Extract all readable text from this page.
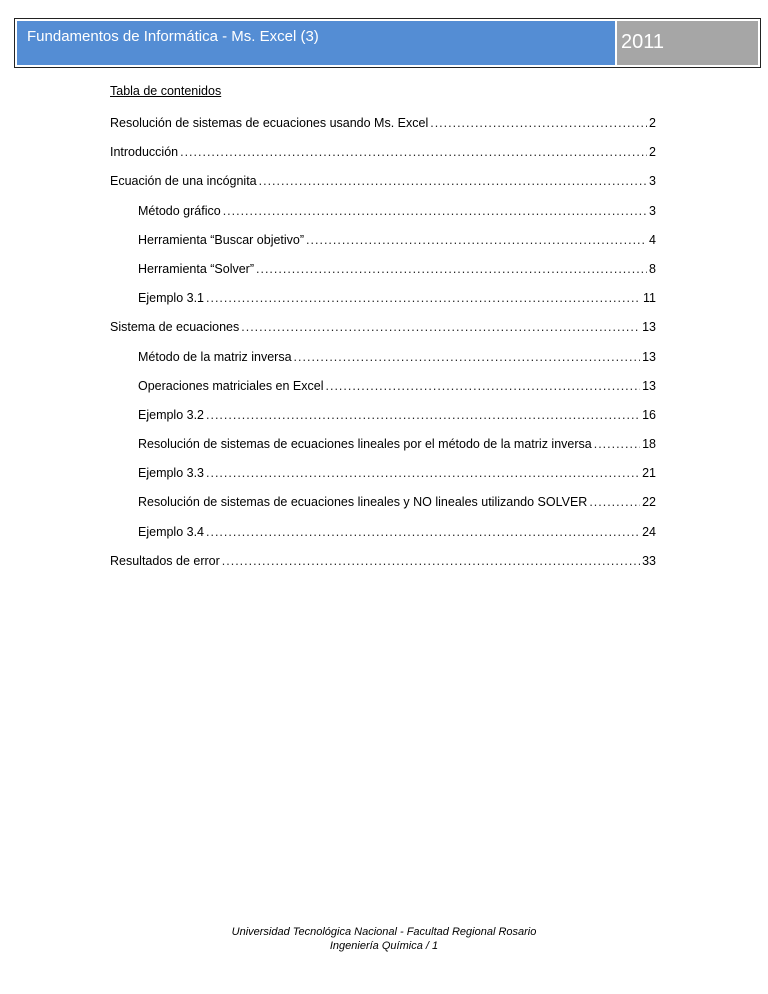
Fundamentos de Informática - Ms. Excel (3)	2011
Tabla de contenidos
Resolución de sistemas de ecuaciones usando Ms. Excel .....	2
Introducción .....	2
Ecuación de una incógnita .....	3
Método gráfico .....	3
Herramienta “Buscar objetivo” .....	4
Herramienta “Solver” .....	8
Ejemplo 3.1 .....	11
Sistema de ecuaciones .....	13
Método de la matriz inversa .....	13
Operaciones matriciales en Excel .....	13
Ejemplo 3.2 .....	16
Resolución de sistemas de ecuaciones lineales por el método de la matriz inversa .....	18
Ejemplo 3.3 .....	21
Resolución de sistemas de ecuaciones lineales y NO lineales utilizando SOLVER .....	22
Ejemplo 3.4 .....	24
Resultados de error .....	33
Universidad Tecnológica Nacional - Facultad Regional Rosario
Ingeniería Química / 1
